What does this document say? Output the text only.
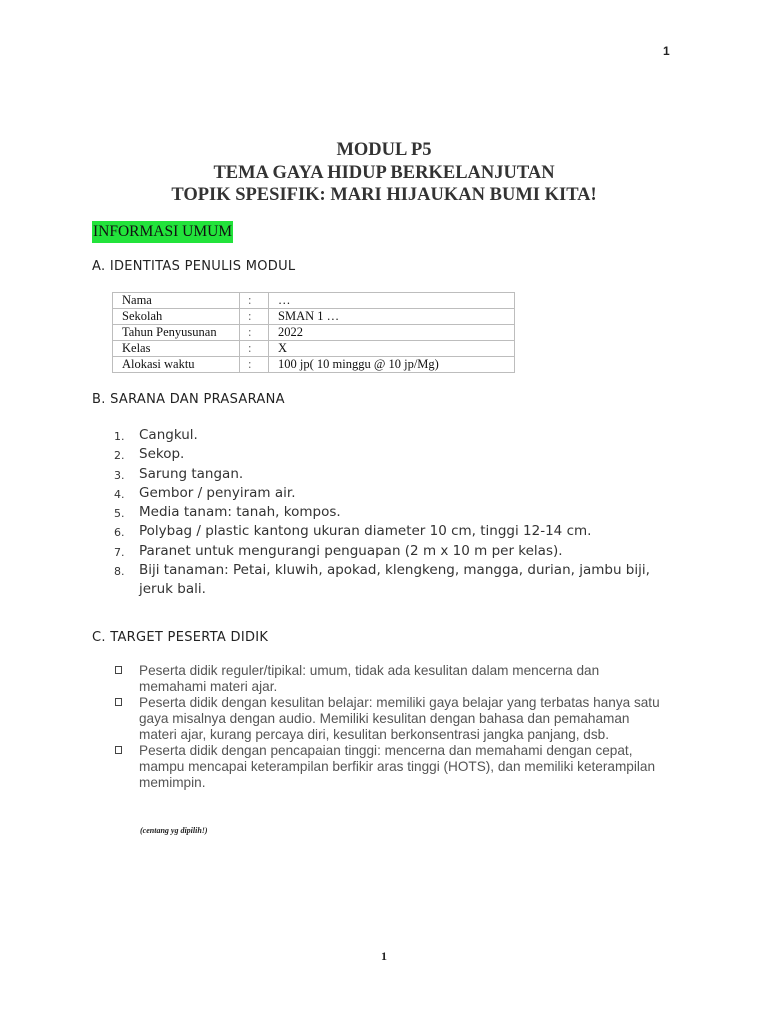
1
MODUL P5
TEMA GAYA HIDUP BERKELANJUTAN
TOPIK SPESIFIK: MARI HIJAUKAN BUMI KITA!
INFORMASI UMUM
A. IDENTITAS PENULIS MODUL
Nama	:	…
Sekolah	:	SMAN 1 …
Tahun Penyusunan	:	2022
Kelas	:	X
Alokasi waktu	:	100 jp( 10 minggu @ 10 jp/Mg)
B. SARANA DAN PRASARANA
1. Cangkul.
2. Sekop.
3. Sarung tangan.
4. Gembor / penyiram air.
5. Media tanam: tanah, kompos.
6. Polybag / plastic kantong ukuran diameter 10 cm, tinggi 12-14 cm.
7. Paranet untuk mengurangi penguapan (2 m x 10 m per kelas).
8. Biji tanaman: Petai, kluwih, apokad, klengkeng, mangga, durian, jambu biji, jeruk bali.
C. TARGET PESERTA DIDIK
Peserta didik reguler/tipikal: umum, tidak ada kesulitan dalam mencerna dan memahami materi ajar.
Peserta didik dengan kesulitan belajar: memiliki gaya belajar yang terbatas hanya satu gaya misalnya dengan audio. Memiliki kesulitan dengan bahasa dan pemahaman materi ajar, kurang percaya diri, kesulitan berkonsentrasi jangka panjang, dsb.
Peserta didik dengan pencapaian tinggi: mencerna dan memahami dengan cepat, mampu mencapai keterampilan berfikir aras tinggi (HOTS), dan memiliki keterampilan memimpin.
(centang yg dipilih!)
1
